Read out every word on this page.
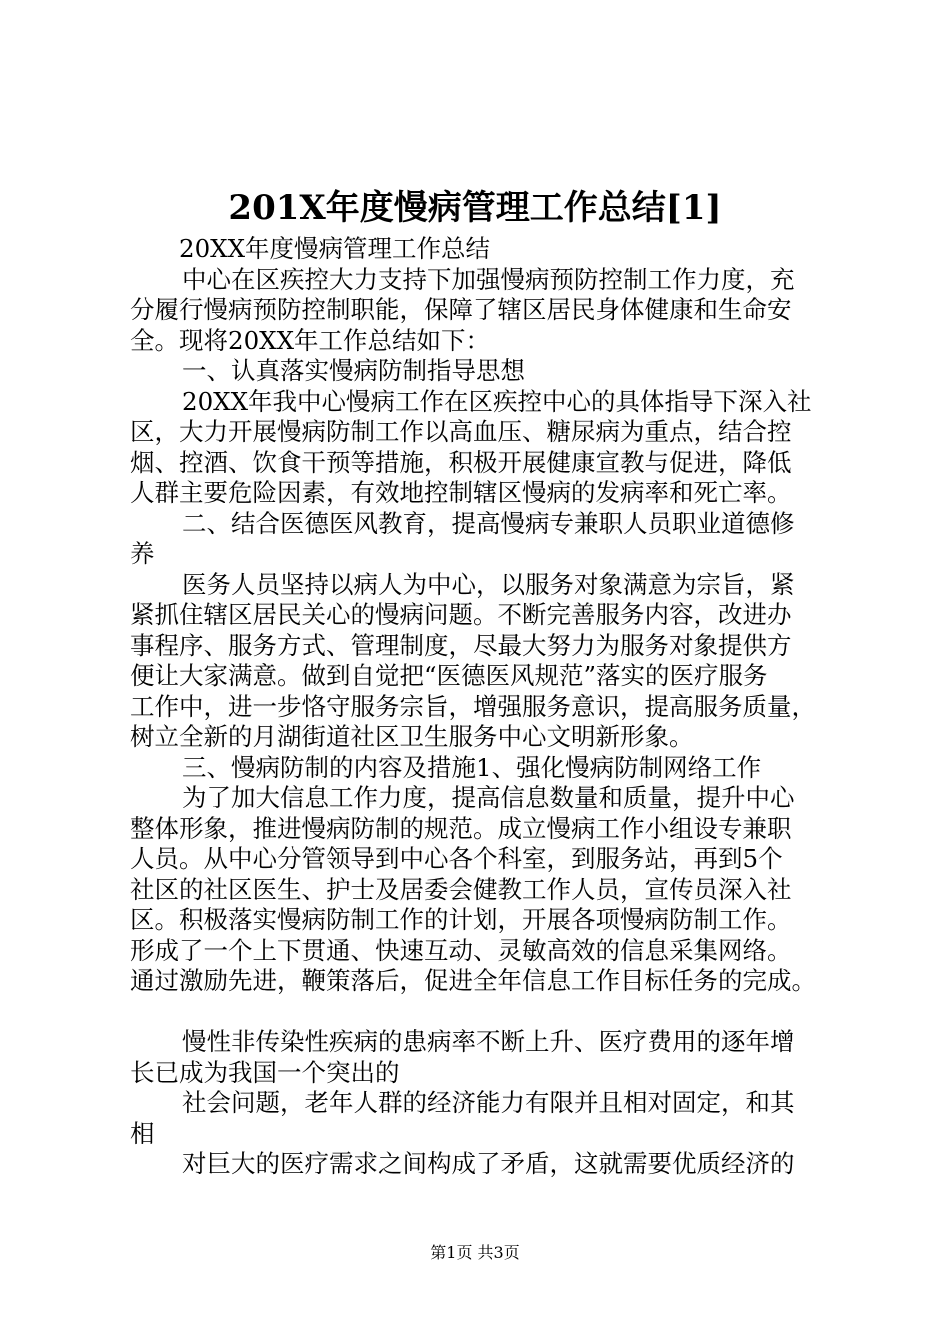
201X年度慢病管理工作总结[1]
20XX年度慢病管理工作总结
中心在区疾控大力支持下加强慢病预防控制工作力度，充
分履行慢病预防控制职能，保障了辖区居民身体健康和生命安
全。现将20XX年工作总结如下：
一、认真落实慢病防制指导思想
20XX年我中心慢病工作在区疾控中心的具体指导下深入社
区，大力开展慢病防制工作以高血压、糖尿病为重点，结合控
烟、控酒、饮食干预等措施，积极开展健康宣教与促进，降低
人群主要危险因素，有效地控制辖区慢病的发病率和死亡率。
二、结合医德医风教育，提高慢病专兼职人员职业道德修
养
医务人员坚持以病人为中心，以服务对象满意为宗旨，紧
紧抓住辖区居民关心的慢病问题。不断完善服务内容，改进办
事程序、服务方式、管理制度，尽最大努力为服务对象提供方
便让大家满意。做到自觉把“医德医风规范”落实的医疗服务
工作中，进一步恪守服务宗旨，增强服务意识，提高服务质量，
树立全新的月湖街道社区卫生服务中心文明新形象。
三、慢病防制的内容及措施1、强化慢病防制网络工作
为了加大信息工作力度，提高信息数量和质量，提升中心
整体形象，推进慢病防制的规范。成立慢病工作小组设专兼职
人员。从中心分管领导到中心各个科室，到服务站，再到5个
社区的社区医生、护士及居委会健教工作人员，宣传员深入社
区。积极落实慢病防制工作的计划，开展各项慢病防制工作。
形成了一个上下贯通、快速互动、灵敏高效的信息采集网络。
通过激励先进，鞭策落后，促进全年信息工作目标任务的完成。
慢性非传染性疾病的患病率不断上升、医疗费用的逐年增
长已成为我国一个突出的
社会问题，老年人群的经济能力有限并且相对固定，和其
相
对巨大的医疗需求之间构成了矛盾，这就需要优质经济的
第1页 共3页
